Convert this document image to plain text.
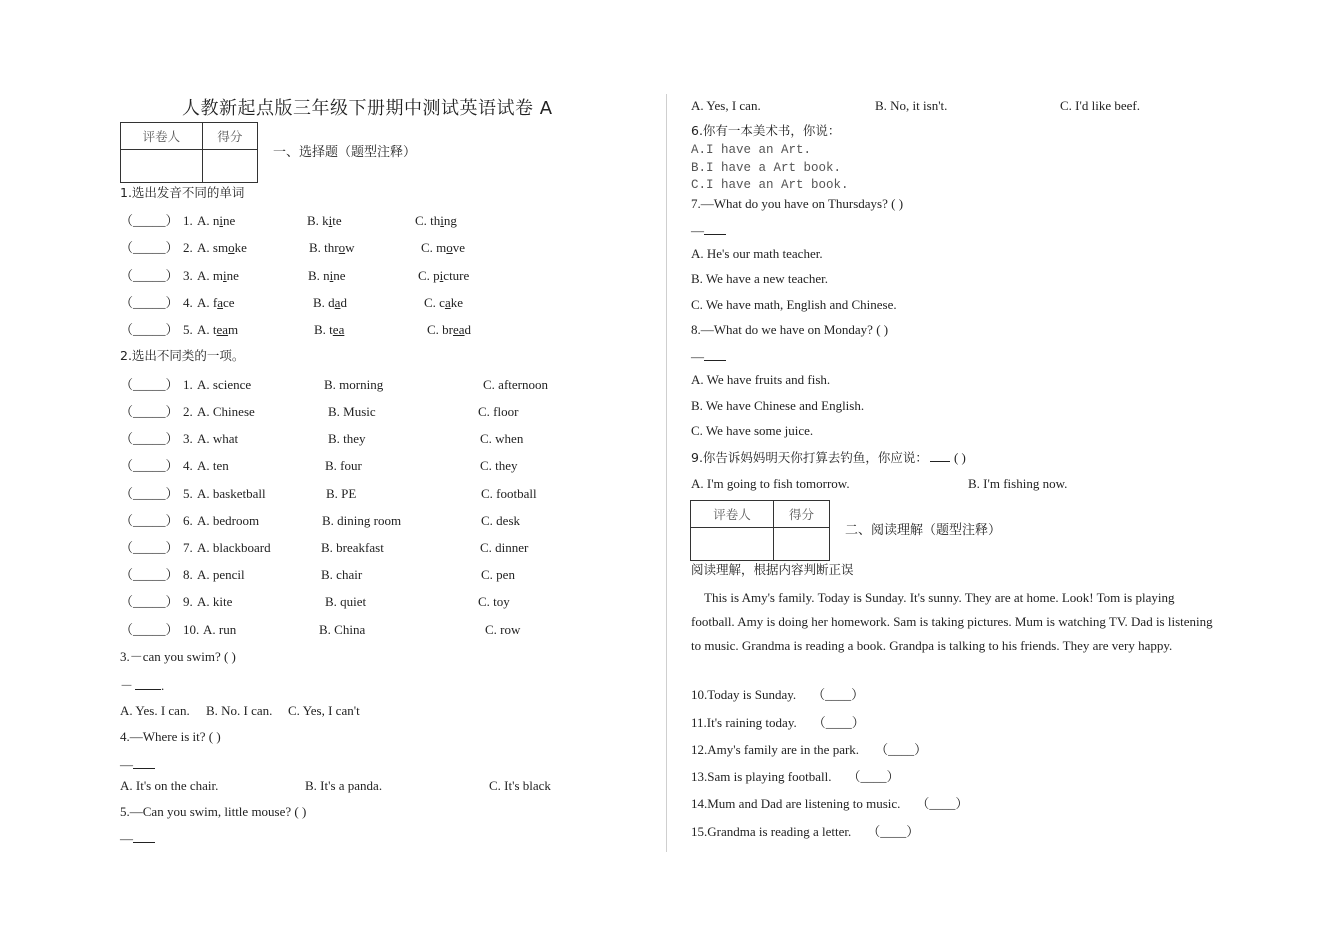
人教新起点版三年级下册期中测试英语试卷 A
评卷人	得分

一、选择题（题型注释）
1.选出发音不同的单词
（_____） 1. A. nine	B. kite	C. thing
（_____） 2. A. smoke	B. throw	C. move
（_____） 3. A. mine	B. nine	C. picture
（_____） 4. A. face	B. dad	C. cake
（_____） 5. A. team	B. tea	C. bread
2.选出不同类的一项。
（_____） 1. A. science	B. morning	C. afternoon
（_____） 2. A. Chinese	B. Music	C. floor
（_____） 3. A. what	B. they	C. when
（_____） 4. A. ten	B. four	C. they
（_____） 5. A. basketball	B. PE	C. football
（_____） 6. A. bedroom	B. dining room	C. desk
（_____） 7. A. blackboard	B. breakfast	C. dinner
（_____） 8. A. pencil	B. chair	C. pen
（_____） 9. A. kite	B. quiet	C. toy
（_____） 10. A. run	B. China	C. row
3.－can you swim? ( )
－ .
A. Yes. I can. B. No. I can. C. Yes, I can't
4.—Where is it? ( )
—
A. It's on the chair.	B. It's a panda.	C. It's black
5.—Can you swim, little mouse? ( )
—
A. Yes, I can.	B. No, it isn't.	C. I'd like beef.
6.你有一本美术书，你说：
A.I have an Art.
B.I have a Art book.
C.I have an Art book.
7.—What do you have on Thursdays? ( )
—
A. He's our math teacher.
B. We have a new teacher.
C. We have math, English and Chinese.
8.—What do we have on Monday? ( )
—
A. We have fruits and fish.
B. We have Chinese and English.
C. We have some juice.
9.你告诉妈妈明天你打算去钓鱼，你应说： ( )
A. I'm going to fish tomorrow.	B. I'm fishing now.
评卷人	得分

二、阅读理解（题型注释）
阅读理解，根据内容判断正误
This is Amy's family. Today is Sunday. It's sunny. They are at home. Look! Tom is playing football. Amy is doing her homework. Sam is taking pictures. Mum is watching TV. Dad is listening to music. Grandma is reading a book. Grandpa is talking to his friends. They are very happy.
10.Today is Sunday. （____）
11.It's raining today. （____）
12.Amy's family are in the park. （____）
13.Sam is playing football. （____）
14.Mum and Dad are listening to music. （____）
15.Grandma is reading a letter. （____）
